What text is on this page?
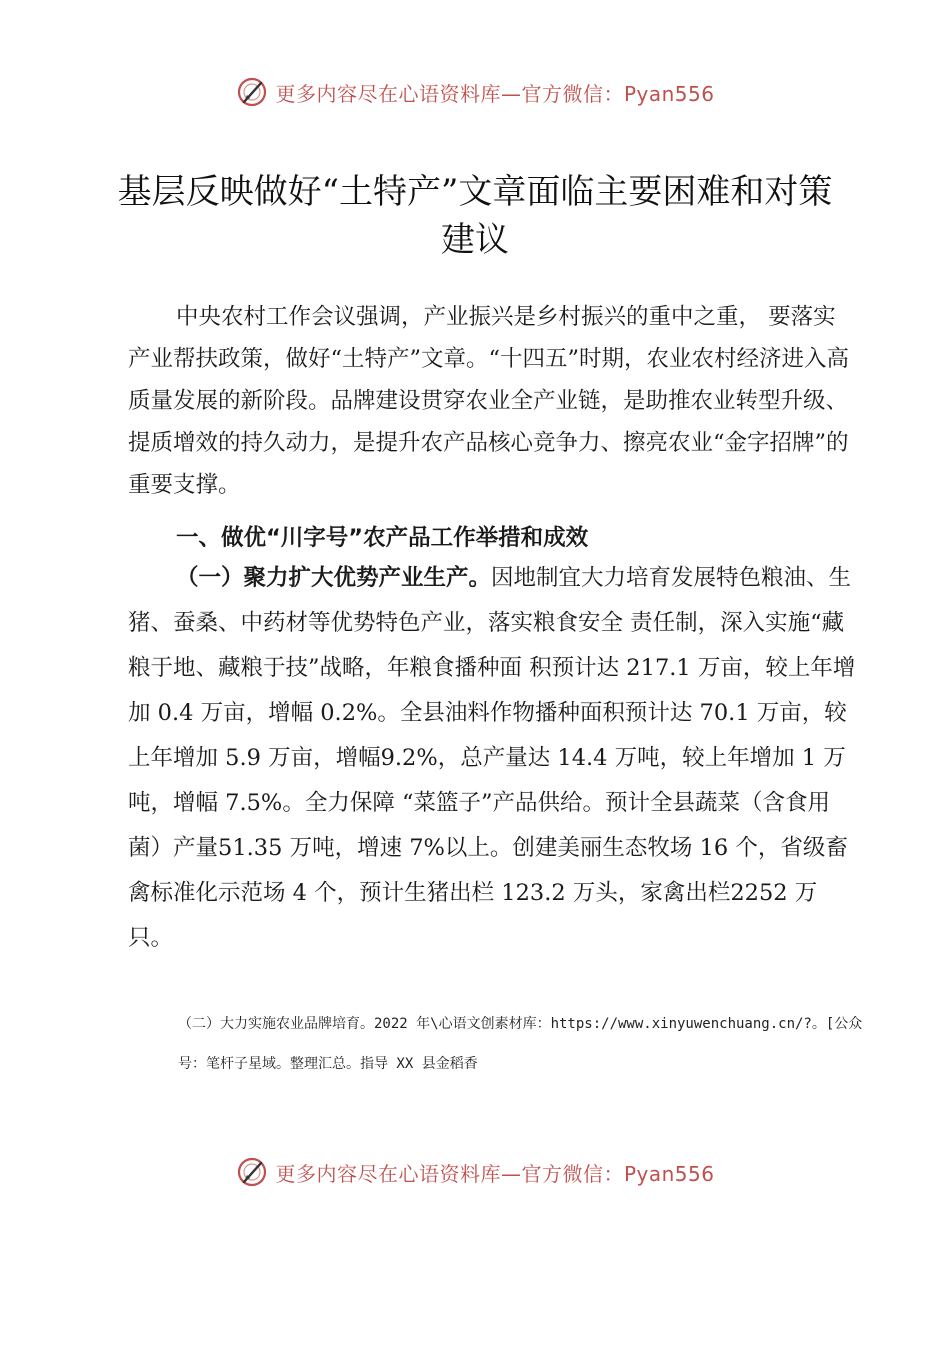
更多内容尽在心语资料库—官方微信：Pyan556
基层反映做好“土特产”文章面临主要困难和对策建议

中央农村工作会议强调，产业振兴是乡村振兴的重中之重， 要落实产业帮扶政策，做好“土特产”文章。“十四五”时期，农业农村经济进入高质量发展的新阶段。品牌建设贯穿农业全产业链，是助推农业转型升级、提质增效的持久动力，是提升农产品核心竞争力、擦亮农业“金字招牌”的重要支撑。

一、做优“川字号”农产品工作举措和成效

（一）聚力扩大优势产业生产。因地制宜大力培育发展特色粮油、生猪、蚕桑、中药材等优势特色产业，落实粮食安全 责任制，深入实施“藏粮于地、藏粮于技”战略，年粮食播种面 积预计达 217.1 万亩，较上年增加 0.4 万亩，增幅 0.2%。全县油料作物播种面积预计达 70.1 万亩，较上年增加 5.9 万亩，增幅9.2%，总产量达 14.4 万吨，较上年增加 1 万吨，增幅 7.5%。全力保障 “菜篮子”产品供给。预计全县蔬菜（含食用菌）产量51.35 万吨，增速 7%以上。创建美丽生态牧场 16 个，省级畜禽标准化示范场 4 个，预计生猪出栏 123.2 万头，家禽出栏2252 万只。

（二）大力实施农业品牌培育。2022 年\心语文创素材库：https://www.xinyuwenchuang.cn/?。[公众号：笔杆子星域。整理汇总。指导 XX 县金稻香

更多内容尽在心语资料库—官方微信：Pyan556
